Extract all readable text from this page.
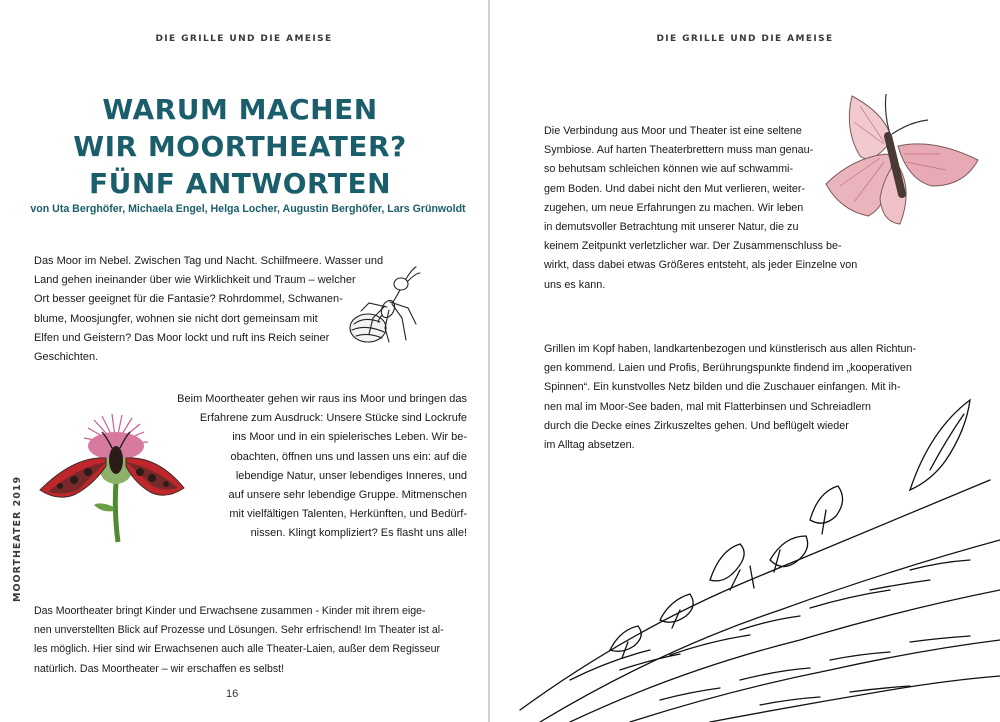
DIE GRILLE UND DIE AMEISE
WARUM MACHEN
WIR MOORTHEATER?
FÜNF ANTWORTEN
von Uta Berghöfer, Michaela Engel, Helga Locher, Augustin Berghöfer, Lars Grünwoldt

Das Moor im Nebel. Zwischen Tag und Nacht. Schilfmeere. Wasser und

Land gehen ineinander über wie Wirklichkeit und Traum – welcher

Ort besser geeignet für die Fantasie? Rohrdommel, Schwanen-

blume, Moosjungfer, wohnen sie nicht dort gemeinsam mit

Elfen und Geistern? Das Moor lockt und ruft ins Reich seiner

Geschichten.

Beim Moortheater gehen wir raus ins Moor und bringen das

Erfahrene zum Ausdruck: Unsere Stücke sind Lockrufe

ins Moor und in ein spielerisches Leben. Wir be-

obachten, öffnen uns und lassen uns ein: auf die

lebendige Natur, unser lebendiges Inneres, und

auf unsere sehr lebendige Gruppe. Mitmenschen

mit vielfältigen Talenten, Herkünften, und Bedürf-

nissen. Klingt kompliziert? Es flasht uns alle!

Das Moortheater bringt Kinder und Erwachsene zusammen - Kinder mit ihrem eige-

nen unverstellten Blick auf Prozesse und Lösungen. Sehr erfrischend! Im Theater ist al-

les möglich. Hier sind wir Erwachsenen auch alle Theater-Laien, außer dem Regisseur

natürlich. Das Moortheater – wir erschaffen es selbst!

MOORTHEATER 2019
16
DIE GRILLE UND DIE AMEISE

Die Verbindung aus Moor und Theater ist eine seltene

Symbiose. Auf harten Theaterbrettern muss man genau-

so behutsam schleichen können wie auf schwammi-

gem Boden. Und dabei nicht den Mut verlieren, weiter-

zugehen, um neue Erfahrungen zu machen. Wir leben

in demutsvoller Betrachtung mit unserer Natur, die zu

keinem Zeitpunkt verletzlicher war. Der Zusammenschluss be-

wirkt, dass dabei etwas Größeres entsteht, als jeder Einzelne von

uns es kann.

Grillen im Kopf haben, landkartenbezogen und künstlerisch aus allen Richtun-

gen kommend. Laien und Profis, Berührungspunkte findend im „kooperativen

Spinnen“. Ein kunstvolles Netz bilden und die Zuschauer einfangen. Mit ih-

nen mal im Moor-See baden, mal mit Flatterbinsen und Schreiadlern

durch die Decke eines Zirkuszeltes gehen. Und beflügelt wieder

im Alltag absetzen.
